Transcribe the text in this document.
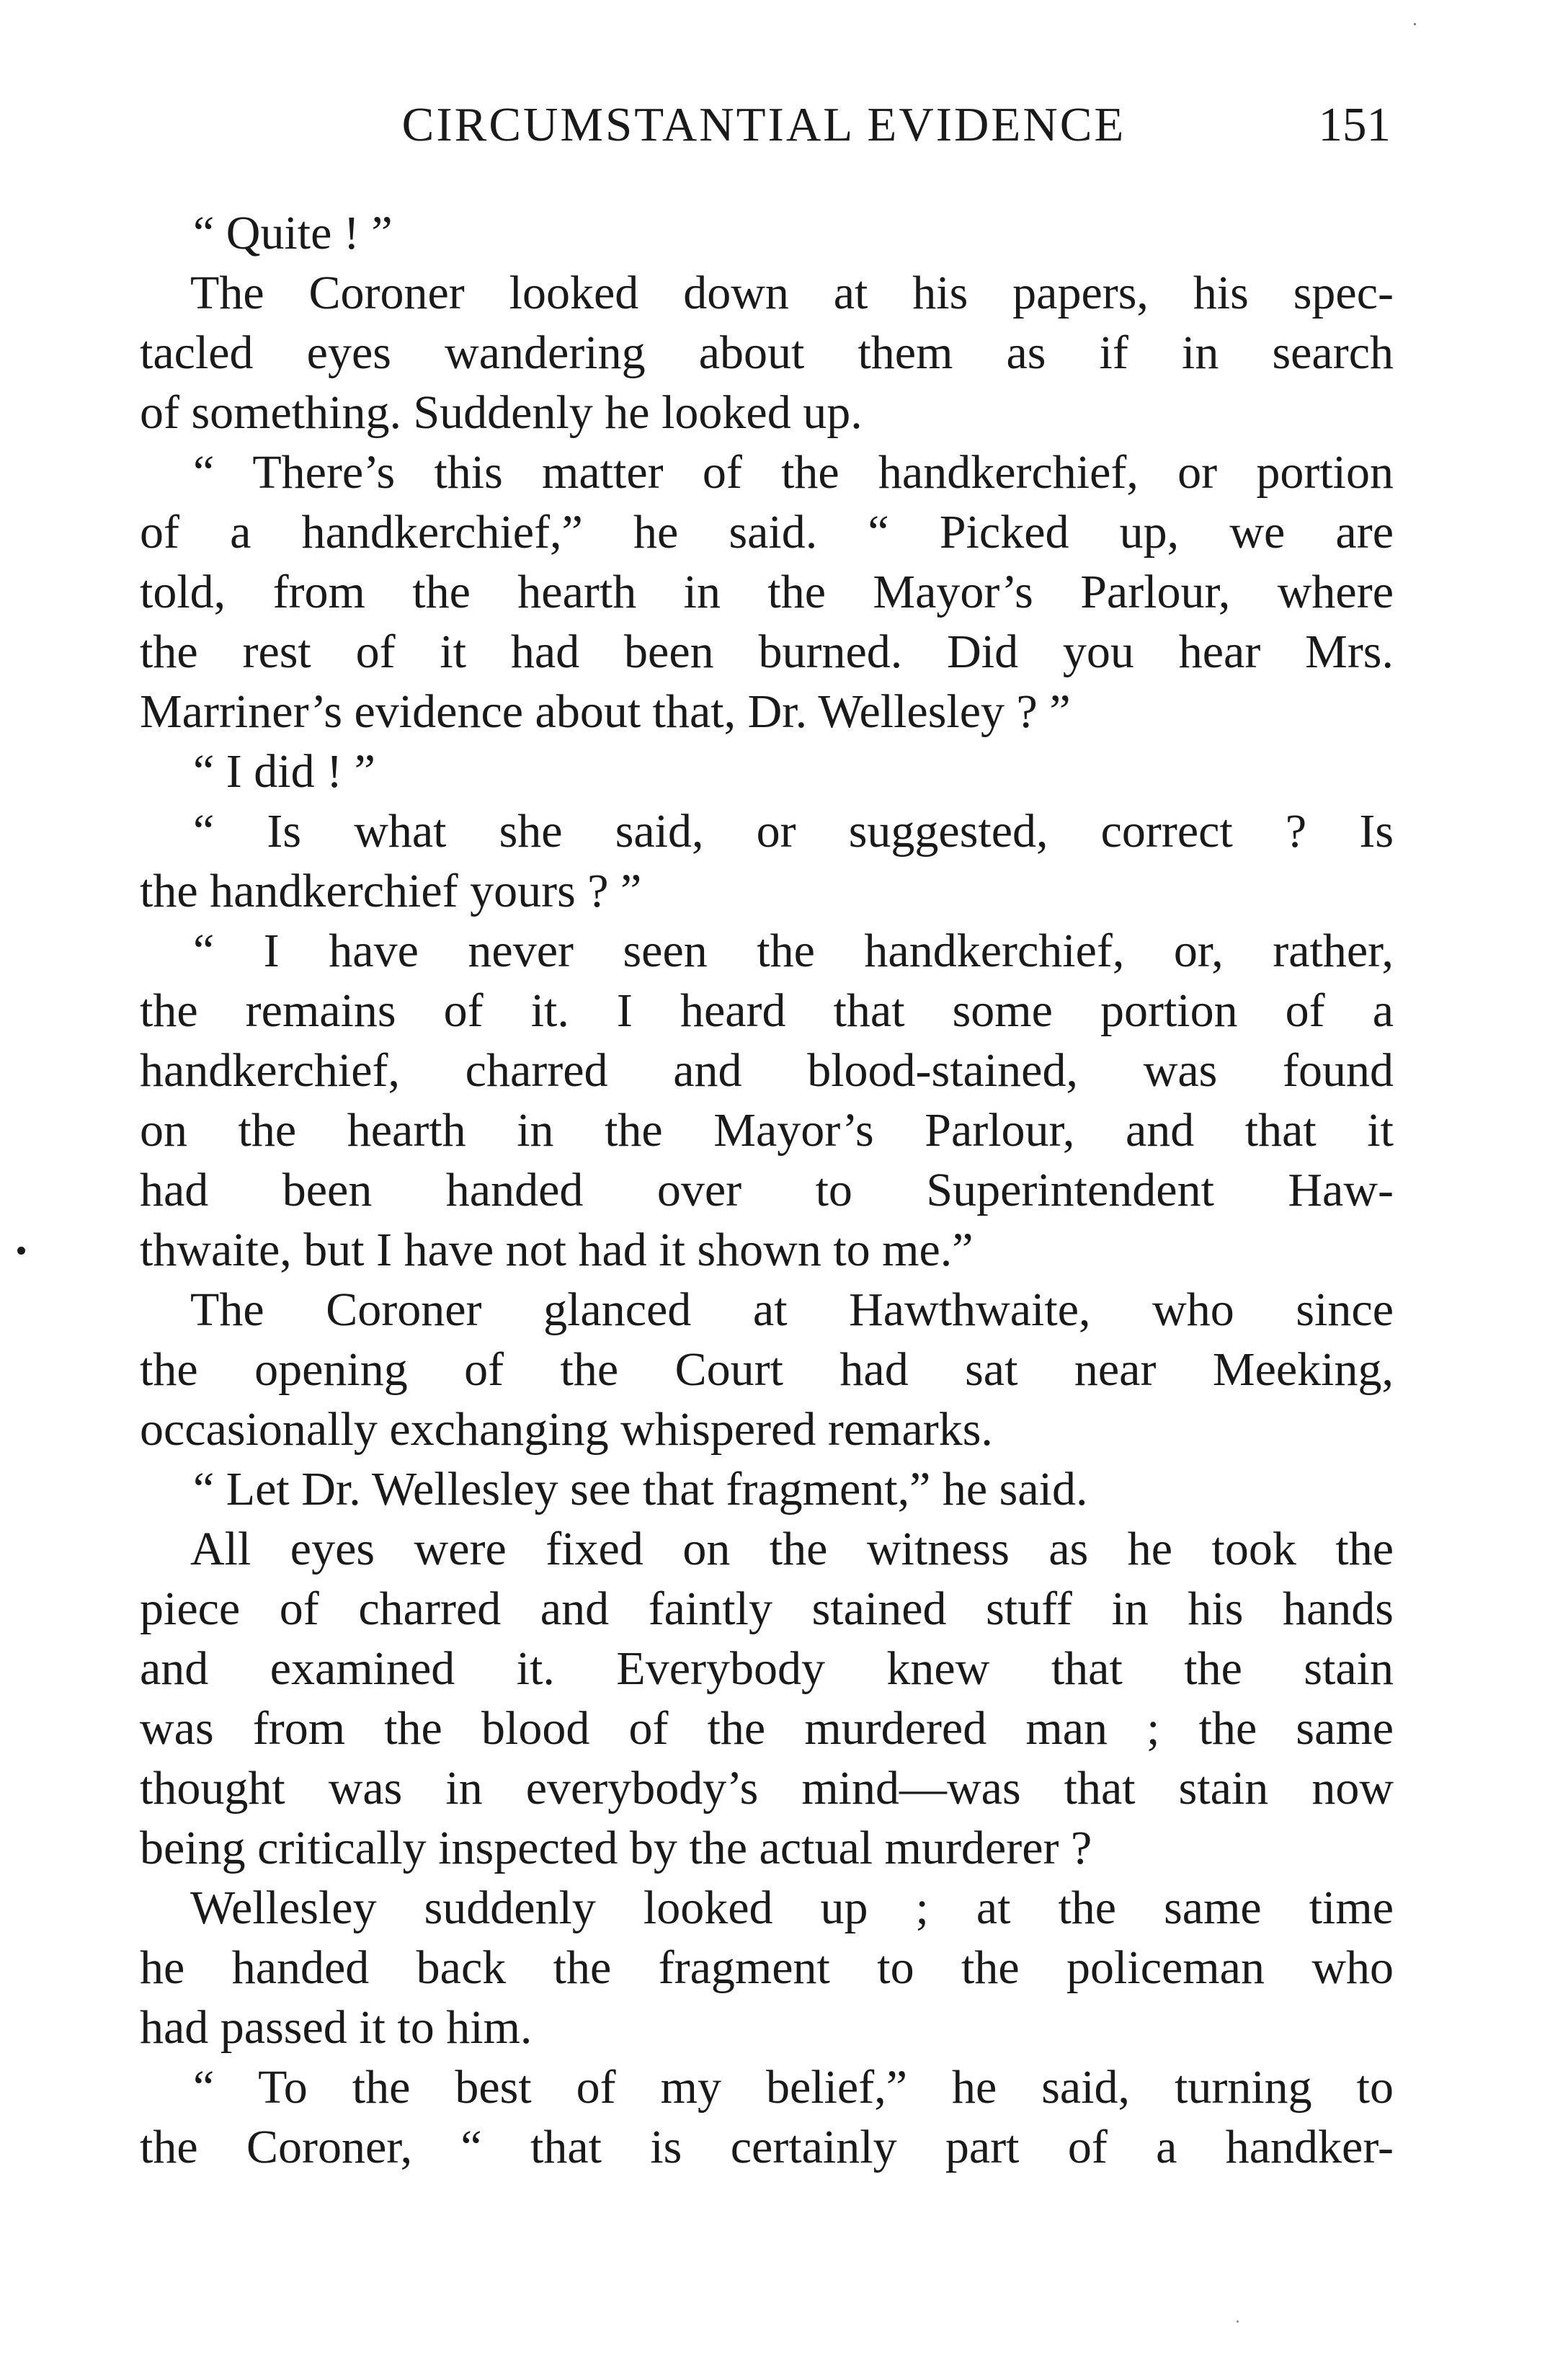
CIRCUMSTANTIAL EVIDENCE	151
“ Quite ! ”
The Coroner looked down at his papers, his spec-
tacled eyes wandering about them as if in search
of something. Suddenly he looked up.
“ There’s this matter of the handkerchief, or portion
of a handkerchief,” he said. “ Picked up, we are
told, from the hearth in the Mayor’s Parlour, where
the rest of it had been burned. Did you hear Mrs.
Marriner’s evidence about that, Dr. Wellesley ? ”
“ I did ! ”
“ Is what she said, or suggested, correct ? Is
the handkerchief yours ? ”
“ I have never seen the handkerchief, or, rather,
the remains of it. I heard that some portion of a
handkerchief, charred and blood-stained, was found
on the hearth in the Mayor’s Parlour, and that it
had been handed over to Superintendent Haw-
thwaite, but I have not had it shown to me.”
The Coroner glanced at Hawthwaite, who since
the opening of the Court had sat near Meeking,
occasionally exchanging whispered remarks.
“ Let Dr. Wellesley see that fragment,” he said.
All eyes were fixed on the witness as he took the
piece of charred and faintly stained stuff in his hands
and examined it. Everybody knew that the stain
was from the blood of the murdered man ; the same
thought was in everybody’s mind—was that stain now
being critically inspected by the actual murderer ?
Wellesley suddenly looked up ; at the same time
he handed back the fragment to the policeman who
had passed it to him.
“ To the best of my belief,” he said, turning to
the Coroner, “ that is certainly part of a handker-
